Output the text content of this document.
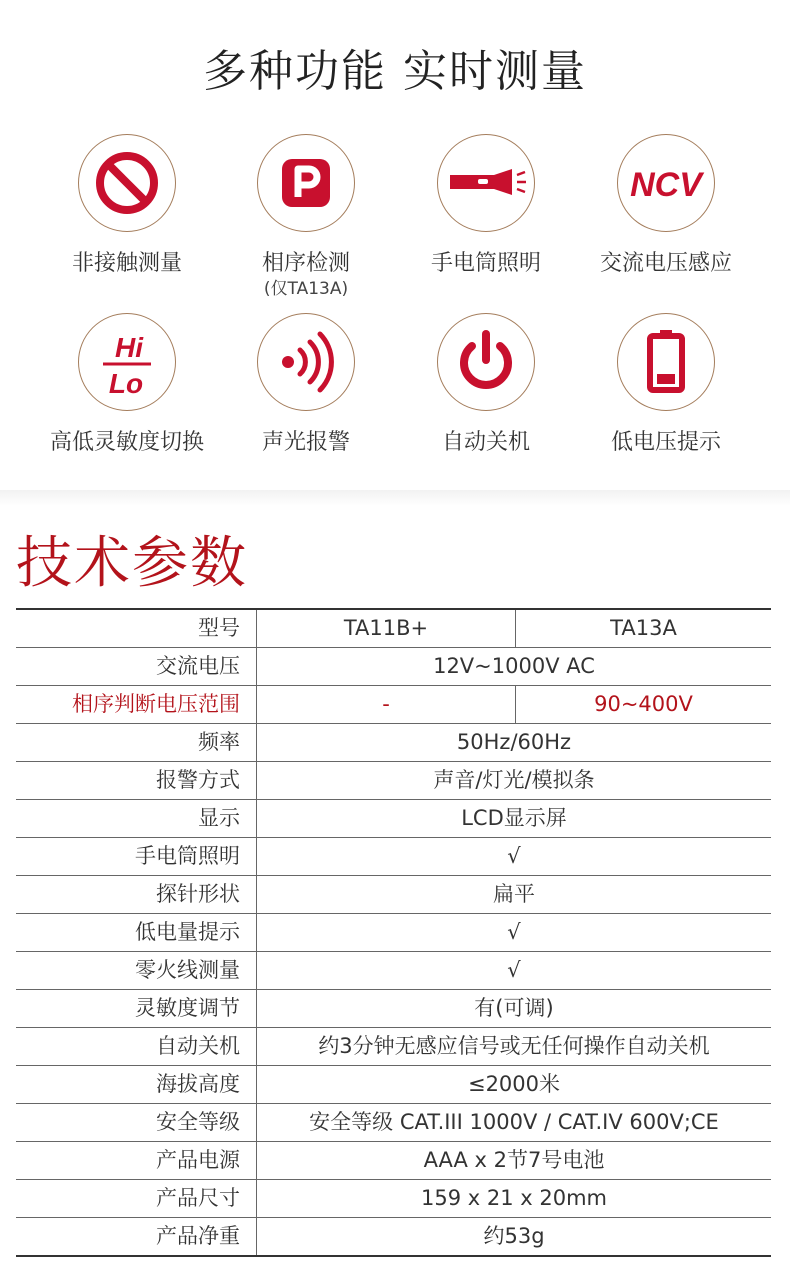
多种功能 实时测量
非接触测量	相序检测
(仅TA13A)
手电筒照明
NCV
交流电压感应
Hi
Lo
高低灵敏度切换	声光报警	自动关机	低电压提示
技术参数
型号	TA11B+	TA13A
交流电压	12V~1000V AC	
相序判断电压范围	-	90~400V
频率	50Hz/60Hz	
报警方式	声音/灯光/模拟条	
显示	LCD显示屏	
手电筒照明	√	
探针形状	扁平	
低电量提示	√	
零火线测量	√	
灵敏度调节	有(可调)	
自动关机	约3分钟无感应信号或无任何操作自动关机	
海拔高度	≤2000米	
安全等级	安全等级 CAT.III 1000V / CAT.IV 600V;CE	
产品电源	AAA x 2节7号电池	
产品尺寸	159 x 21 x 20mm	
产品净重	约53g	
